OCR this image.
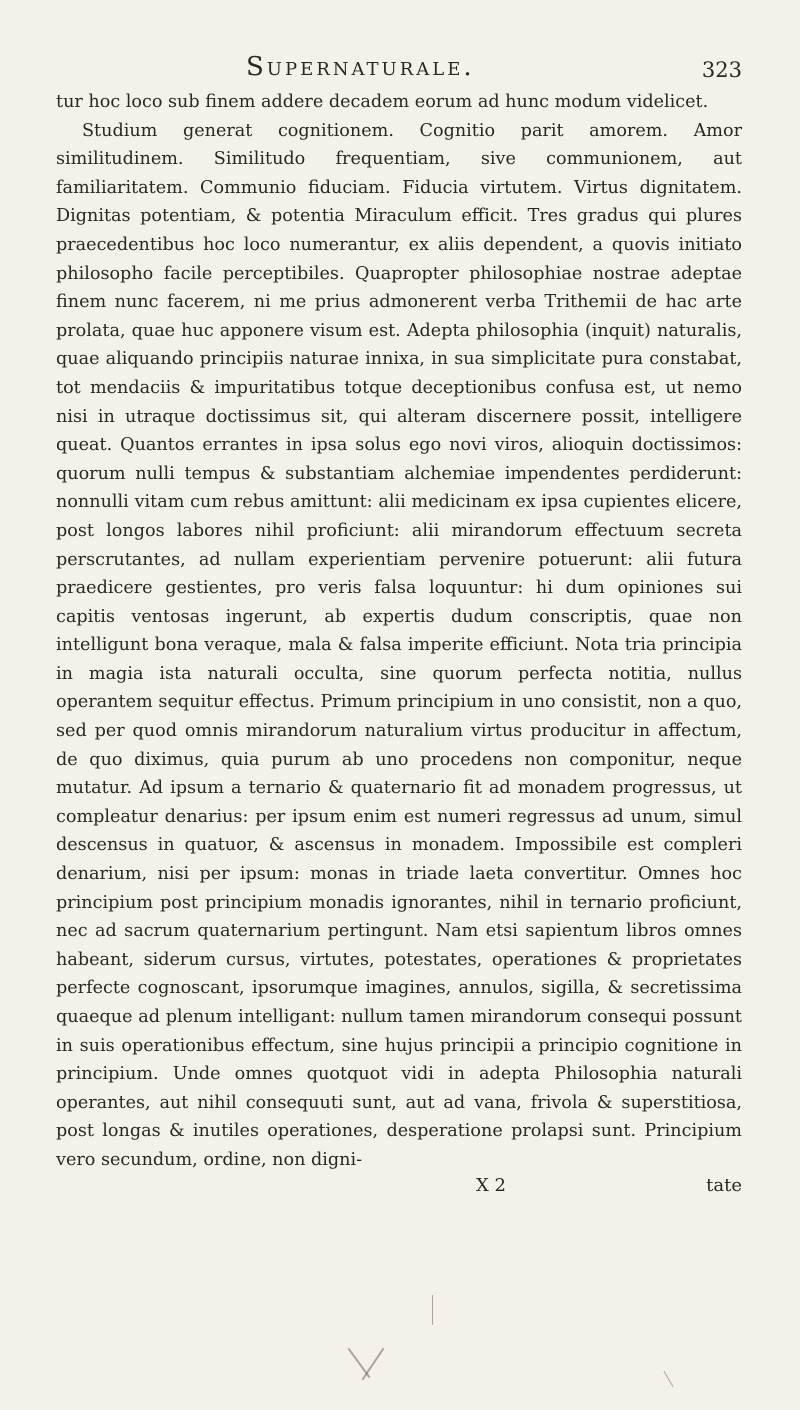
Supernaturale.	323

tur hoc loco sub finem addere decadem eorum ad hunc modum videlicet.

Studium generat cognitionem. Cognitio parit amorem. Amor similitudinem. Similitudo frequentiam, sive communionem, aut familiaritatem. Communio fiduciam. Fiducia virtutem. Virtus dignitatem. Dignitas potentiam, & potentia Miraculum efficit. Tres gradus qui plures praecedentibus hoc loco numerantur, ex aliis dependent, a quovis initiato philosopho facile perceptibiles. Quapropter philosophiae nostrae adeptae finem nunc facerem, ni me prius admonerent verba Trithemii de hac arte prolata, quae huc apponere visum est. Adepta philosophia (inquit) naturalis, quae aliquando principiis naturae innixa, in sua simplicitate pura constabat, tot mendaciis & impuritatibus totque deceptionibus confusa est, ut nemo nisi in utraque doctissimus sit, qui alteram discernere possit, intelligere queat. Quantos errantes in ipsa solus ego novi viros, alioquin doctissimos: quorum nulli tempus & substantiam alchemiae impendentes perdiderunt: nonnulli vitam cum rebus amittunt: alii medicinam ex ipsa cupientes elicere, post longos labores nihil proficiunt: alii mirandorum effectuum secreta perscrutantes, ad nullam experientiam pervenire potuerunt: alii futura praedicere gestientes, pro veris falsa loquuntur: hi dum opiniones sui capitis ventosas ingerunt, ab expertis dudum conscriptis, quae non intelligunt bona veraque, mala & falsa imperite efficiunt. Nota tria principia in magia ista naturali occulta, sine quorum perfecta notitia, nullus operantem sequitur effectus. Primum principium in uno consistit, non a quo, sed per quod omnis mirandorum naturalium virtus producitur in affectum, de quo diximus, quia purum ab uno procedens non componitur, neque mutatur. Ad ipsum a ternario & quaternario fit ad monadem progressus, ut compleatur denarius: per ipsum enim est numeri regressus ad unum, simul descensus in quatuor, & ascensus in monadem. Impossibile est compleri denarium, nisi per ipsum: monas in triade laeta convertitur. Omnes hoc principium post principium monadis ignorantes, nihil in ternario proficiunt, nec ad sacrum quaternarium pertingunt. Nam etsi sapientum libros omnes habeant, siderum cursus, virtutes, potestates, operationes & proprietates perfecte cognoscant, ipsorumque imagines, annulos, sigilla, & secretissima quaeque ad plenum intelligant: nullum tamen mirandorum consequi possunt in suis operationibus effectum, sine hujus principii a principio cognitione in principium. Unde omnes quotquot vidi in adepta Philosophia naturali operantes, aut nihil consequuti sunt, aut ad vana, frivola & superstitiosa, post longas & inutiles operationes, desperatione prolapsi sunt. Principium vero secundum, ordine, non digni-

X 2	tate
